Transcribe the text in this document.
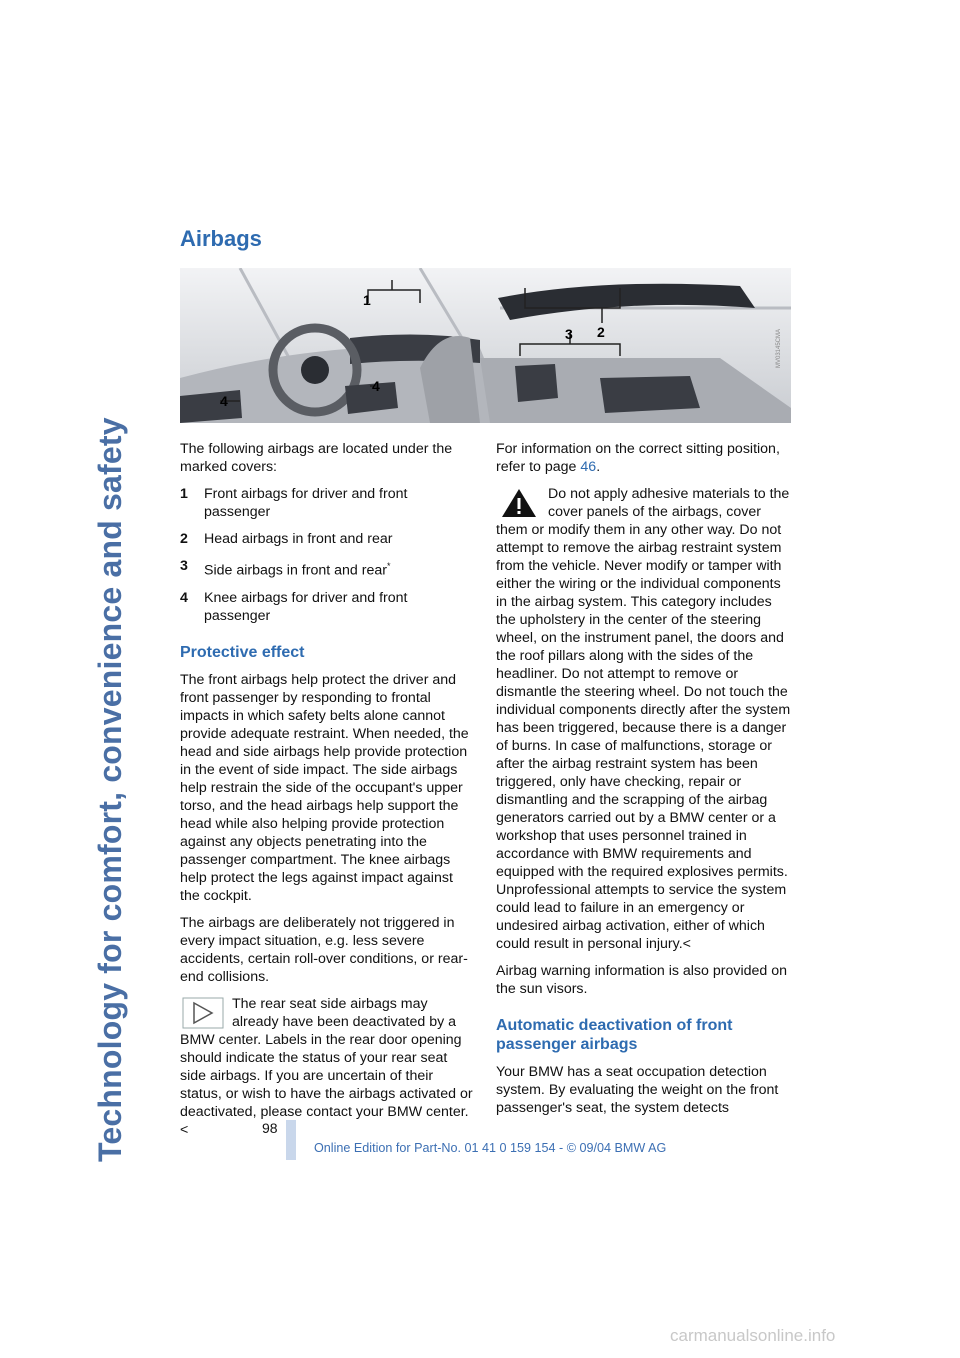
Technology for comfort, convenience and safety
Airbags
1
2
3
4
4
MV03145CMA

The following airbags are located under the marked covers:

1	Front airbags for driver and front passenger
2	Head airbags in front and rear
3	Side airbags in front and rear*
4	Knee airbags for driver and front passenger
Protective effect

The front airbags help protect the driver and front passenger by responding to frontal impacts in which safety belts alone cannot provide adequate restraint. When needed, the head and side airbags help provide protection in the event of side impact. The side airbags help restrain the side of the occupant's upper torso, and the head airbags help support the head while also helping provide protection against any objects penetrating into the passenger compartment. The knee airbags help protect the legs against impact against the cockpit.

The airbags are deliberately not triggered in every impact situation, e.g. less severe accidents, certain roll-over conditions, or rear-end collisions.

The rear seat side airbags may already have been deactivated by a BMW center. Labels in the rear door opening should indicate the status of your rear seat side airbags. If you are uncertain of their status, or wish to have the airbags activated or deactivated, please contact your BMW center.<

For information on the correct sitting position, refer to page 46.

Do not apply adhesive materials to the cover panels of the airbags, cover them or modify them in any other way. Do not attempt to remove the airbag restraint system from the vehicle. Never modify or tamper with either the wiring or the individual components in the airbag system. This category includes the upholstery in the center of the steering wheel, on the instrument panel, the doors and the roof pillars along with the sides of the headliner. Do not attempt to remove or dismantle the steering wheel. Do not touch the individual components directly after the system has been triggered, because there is a danger of burns. In case of malfunctions, storage or after the airbag restraint system has been triggered, only have checking, repair or dismantling and the scrapping of the airbag generators carried out by a BMW center or a workshop that uses personnel trained in accordance with BMW requirements and equipped with the required explosives permits. Unprofessional attempts to service the system could lead to failure in an emergency or undesired airbag activation, either of which could result in personal injury.<

Airbag warning information is also provided on the sun visors.

Automatic deactivation of front passenger airbags

Your BMW has a seat occupation detection system. By evaluating the weight on the front passenger's seat, the system detects

98
Online Edition for Part-No. 01 41 0 159 154 - © 09/04 BMW AG
carmanualsonline.info
